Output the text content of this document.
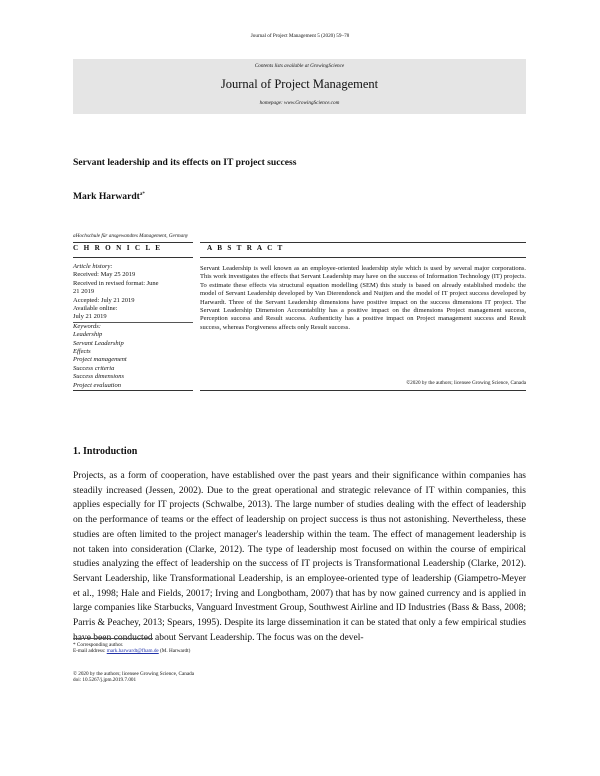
Journal of Project Management 5 (2020) 59–78
Contents lists available at GrowingScience
Journal of Project Management
homepage: www.GrowingScience.com
Servant leadership and its effects on IT project success
Mark Harwardt$^{a*}$
aHochschule für ansgewandtes Management, Germany
C H R O N I C L E	A B S T R A C T
Article history:
Received: May 25 2019
Received in revised format: June
21 2019
Accepted: July 21 2019
Available online:
July 21 2019
Keywords:
Leadership
Servant Leadership
Effects
Project management
Success criteria
Success dimensions
Project evaluation
Servant Leadership is well known as an employee-oriented leadership style which is used by several major corporations. This work investigates the effects that Servant Leadership may have on the success of Information Technology (IT) projects. To estimate these effects via structural equation modelling (SEM) this study is based on already established models: the model of Servant Leadership developed by Van Dierendonck and Nuijten and the model of IT project success developed by Harwardt. Three of the Servant Leadership dimensions have positive impact on the success dimensions IT project. The Servant Leadership Dimension Accountability has a positive impact on the dimensions Project management success, Perception success and Result success. Authenticity has a positive impact on Project management success and Result success, whereas Forgiveness affects only Result success.
©2020 by the authors; licensee Growing Science, Canada
1. Introduction
Projects, as a form of cooperation, have established over the past years and their significance within companies has steadily increased (Jessen, 2002). Due to the great operational and strategic relevance of IT within companies, this applies especially for IT projects (Schwalbe, 2013). The large number of studies dealing with the effect of leadership on the performance of teams or the effect of leadership on project success is thus not astonishing. Nevertheless, these studies are often limited to the project manager's leadership within the team. The effect of management leadership is not taken into consideration (Clarke, 2012). The type of leadership most focused on within the course of empirical studies analyzing the effect of leadership on the success of IT projects is Transformational Leadership (Clarke, 2012). Servant Leadership, like Transformational Leadership, is an employee-oriented type of leadership (Giampetro-Meyer et al., 1998; Hale and Fields, 20017; Irving and Longbotham, 2007) that has by now gained currency and is applied in large companies like Starbucks, Vanguard Investment Group, Southwest Airline and ID Industries (Bass & Bass, 2008; Parris & Peachey, 2013; Spears, 1995). Despite its large dissemination it can be stated that only a few empirical studies have been conducted about Servant Leadership. The focus was on the devel-
* Corresponding author.
E-mail address: mark.harwardt@fham.de (M. Harwardt)
© 2020 by the authors; licensee Growing Science, Canada
doi: 10.5267/j.jpm.2019.7.001
